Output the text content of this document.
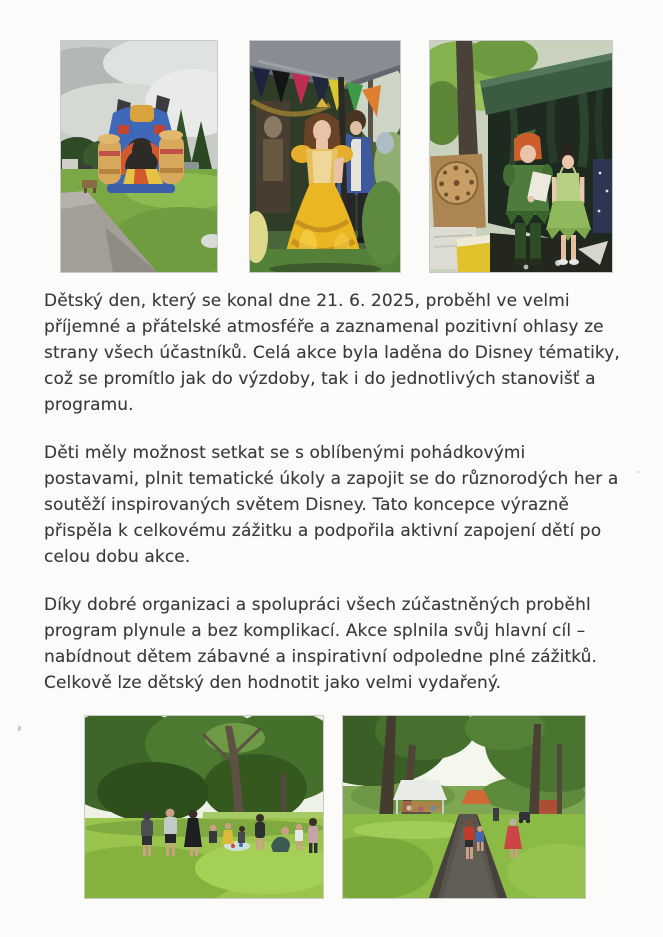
Dětský den, který se konal dne 21. 6. 2025, proběhl ve velmi
příjemné a přátelské atmosféře a zaznamenal pozitivní ohlasy ze
strany všech účastníků. Celá akce byla laděna do Disney tématiky,
což se promítlo jak do výzdoby, tak i do jednotlivých stanovišť a
programu.

Děti měly možnost setkat se s oblíbenými pohádkovými
postavami, plnit tematické úkoly a zapojit se do různorodých her a
soutěží inspirovaných světem Disney. Tato koncepce výrazně
přispěla k celkovému zážitku a podpořila aktivní zapojení dětí po
celou dobu akce.

Díky dobré organizaci a spolupráci všech zúčastněných proběhl
program plynule a bez komplikací. Akce splnila svůj hlavní cíl –
nabídnout dětem zábavné a inspirativní odpoledne plné zážitků.
Celkově lze dětský den hodnotit jako velmi vydařený.
